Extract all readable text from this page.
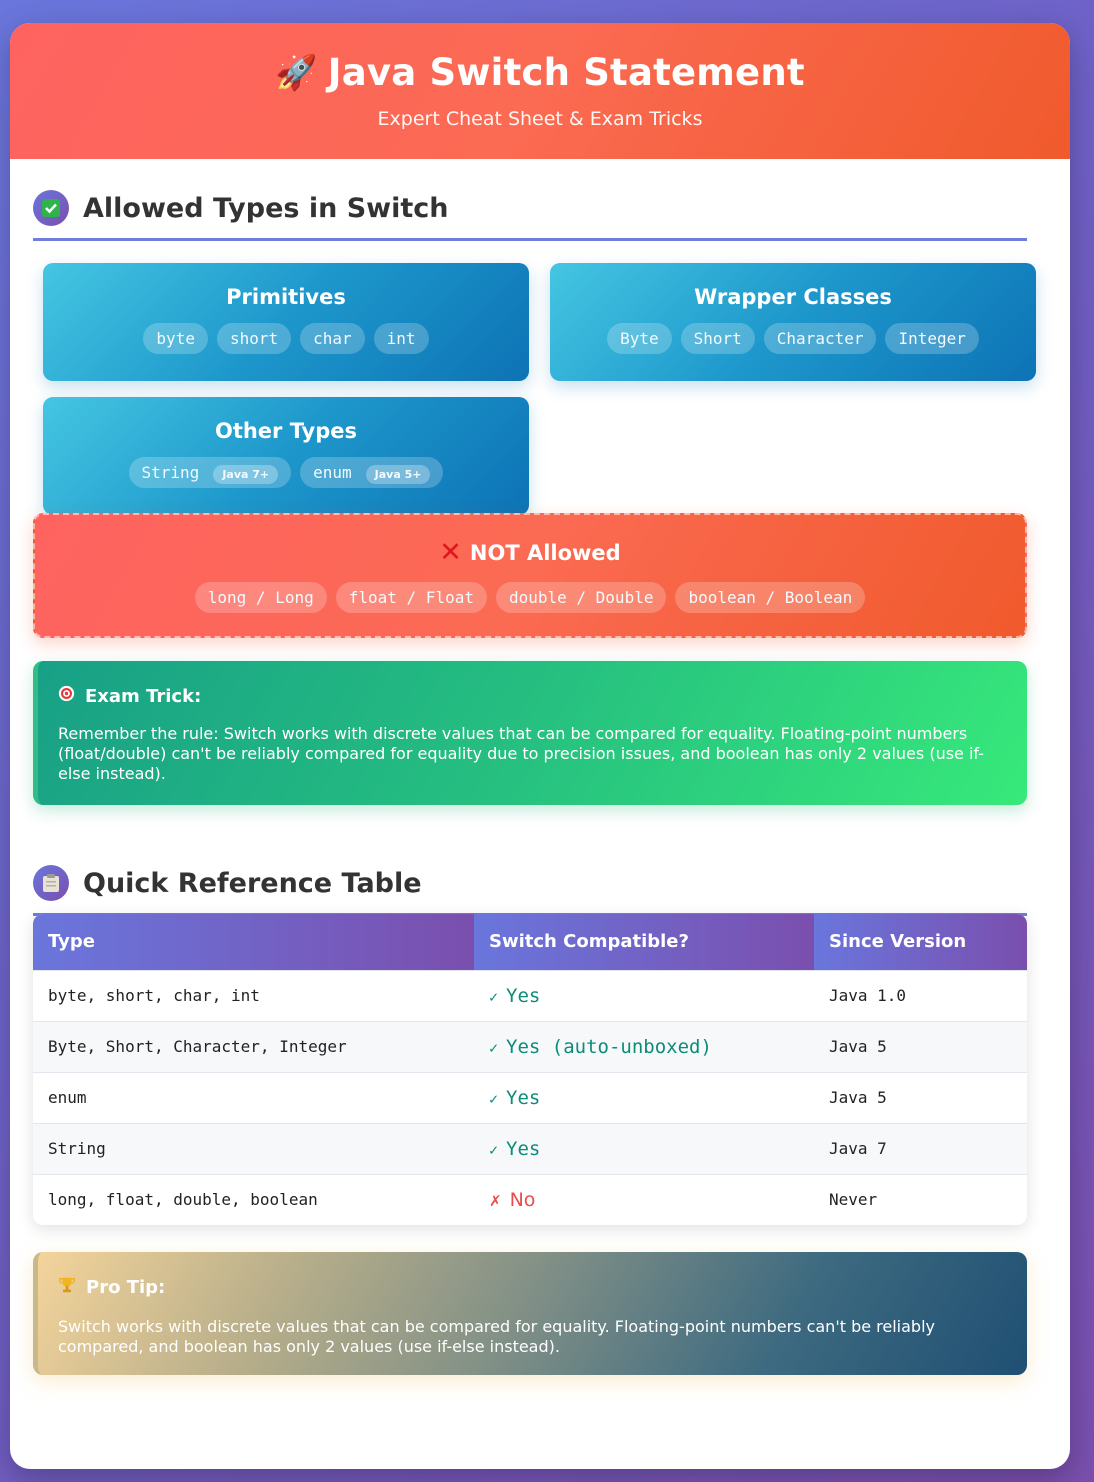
🚀 Java Switch Statement
Expert Cheat Sheet & Exam Tricks
Allowed Types in Switch
Primitives
byte	short	char	int
Wrapper Classes
Byte	Short	Character	Integer
Other Types
String Java 7+	enum Java 5+
✕ NOT Allowed
long / Long	float / Float	double / Double	boolean / Boolean
Exam Trick:
Remember the rule: Switch works with discrete values that can be compared for equality. Floating-point numbers (float/double) can't be reliably compared for equality due to precision issues, and boolean has only 2 values (use if-else instead).
Quick Reference Table
Type	Switch Compatible?	Since Version
byte, short, char, int	✓ Yes	Java 1.0
Byte, Short, Character, Integer	✓ Yes (auto-unboxed)	Java 5
enum	✓ Yes	Java 5
String	✓ Yes	Java 7
long, float, double, boolean	✗ No	Never
Pro Tip:
Switch works with discrete values that can be compared for equality. Floating-point numbers can't be reliably compared, and boolean has only 2 values (use if-else instead).
